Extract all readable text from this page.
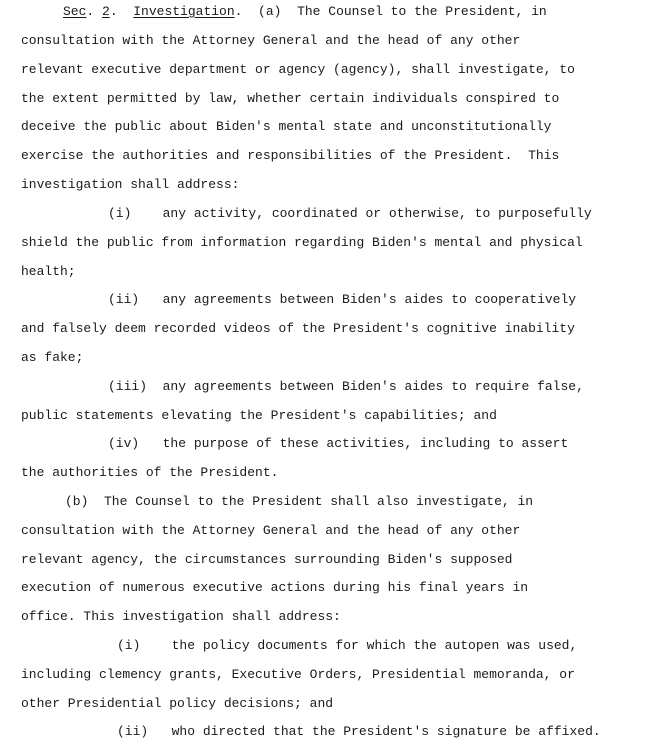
Sec. 2.  Investigation.  (a)  The Counsel to the President, in
consultation with the Attorney General and the head of any other
relevant executive department or agency (agency), shall investigate, to
the extent permitted by law, whether certain individuals conspired to
deceive the public about Biden's mental state and unconstitutionally
exercise the authorities and responsibilities of the President.  This
investigation shall address:
(i)    any activity, coordinated or otherwise, to purposefully
shield the public from information regarding Biden's mental and physical
health;
(ii)   any agreements between Biden's aides to cooperatively
and falsely deem recorded videos of the President's cognitive inability
as fake;
(iii)  any agreements between Biden's aides to require false,
public statements elevating the President's capabilities; and
(iv)   the purpose of these activities, including to assert
the authorities of the President.
(b)  The Counsel to the President shall also investigate, in
consultation with the Attorney General and the head of any other
relevant agency, the circumstances surrounding Biden's supposed
execution of numerous executive actions during his final years in
office. This investigation shall address:
(i)    the policy documents for which the autopen was used,
including clemency grants, Executive Orders, Presidential memoranda, or
other Presidential policy decisions; and
(ii)   who directed that the President's signature be affixed.
